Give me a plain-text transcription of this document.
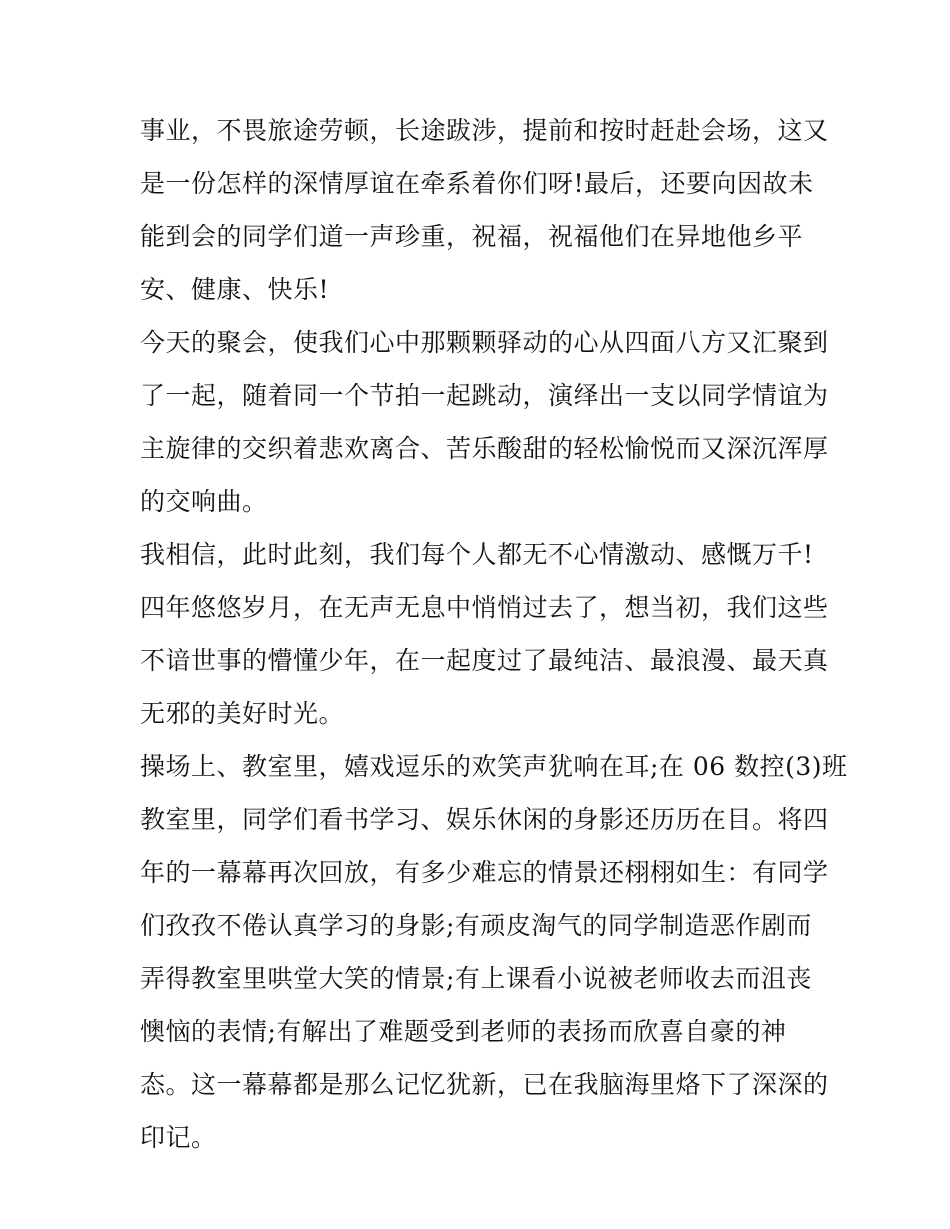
事业，不畏旅途劳顿，长途跋涉，提前和按时赶赴会场，这又
是一份怎样的深情厚谊在牵系着你们呀!最后，还要向因故未
能到会的同学们道一声珍重，祝福，祝福他们在异地他乡平
安、健康、快乐!
今天的聚会，使我们心中那颗颗驿动的心从四面八方又汇聚到
了一起，随着同一个节拍一起跳动，演绎出一支以同学情谊为
主旋律的交织着悲欢离合、苦乐酸甜的轻松愉悦而又深沉浑厚
的交响曲。
我相信，此时此刻，我们每个人都无不心情激动、感慨万千!
四年悠悠岁月，在无声无息中悄悄过去了，想当初，我们这些
不谙世事的懵懂少年，在一起度过了最纯洁、最浪漫、最天真
无邪的美好时光。
操场上、教室里，嬉戏逗乐的欢笑声犹响在耳;在 06 数控(3)班
教室里，同学们看书学习、娱乐休闲的身影还历历在目。将四
年的一幕幕再次回放，有多少难忘的情景还栩栩如生：有同学
们孜孜不倦认真学习的身影;有顽皮淘气的同学制造恶作剧而
弄得教室里哄堂大笑的情景;有上课看小说被老师收去而沮丧
懊恼的表情;有解出了难题受到老师的表扬而欣喜自豪的神
态。这一幕幕都是那么记忆犹新，已在我脑海里烙下了深深的
印记。
